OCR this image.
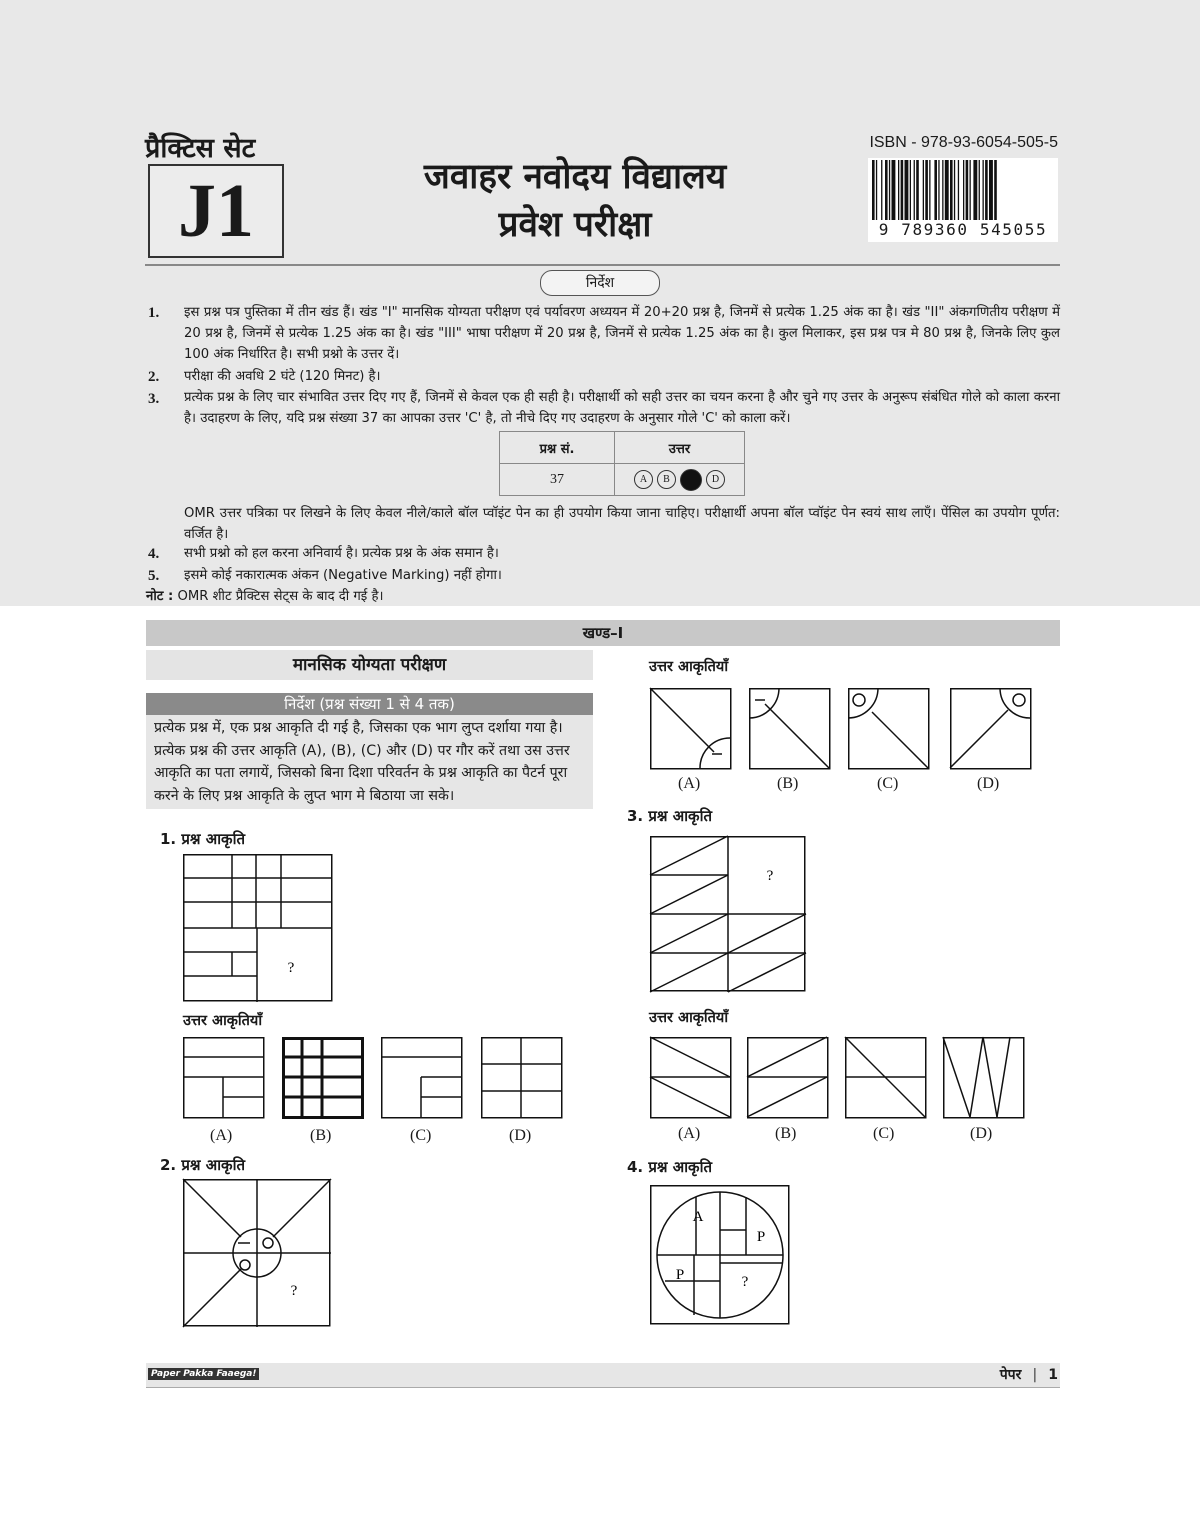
प्रैक्टिस सेट
J1	जवाहर नवोदय विद्यालय
प्रवेश परीक्षा
ISBN - 978-93-6054-505-5
9 789360 545055
निर्देश
1. इस प्रश्न पत्र पुस्तिका में तीन खंड हैं। खंड "I" मानसिक योग्यता परीक्षण एवं पर्यावरण अध्ययन में 20+20 प्रश्न है, जिनमें से प्रत्येक 1.25 अंक का है। खंड "II" अंकगणितीय परीक्षण में 20 प्रश्न है, जिनमें से प्रत्येक 1.25 अंक का है। खंड "III" भाषा परीक्षण में 20 प्रश्न है, जिनमें से प्रत्येक 1.25 अंक का है। कुल मिलाकर, इस प्रश्न पत्र मे 80 प्रश्न है, जिनके लिए कुल 100 अंक निर्धारित है। सभी प्रश्नो के उत्तर दें।
2. परीक्षा की अवधि 2 घंटे (120 मिनट) है।
3. प्रत्येक प्रश्न के लिए चार संभावित उत्तर दिए गए हैं, जिनमें से केवल एक ही सही है। परीक्षार्थी को सही उत्तर का चयन करना है और चुने गए उत्तर के अनुरूप संबंधित गोले को काला करना है। उदाहरण के लिए, यदि प्रश्न संख्या 37 का आपका उत्तर 'C' है, तो नीचे दिए गए उदाहरण के अनुसार गोले 'C' को काला करें।
प्रश्न सं.	उत्तर
37	A B D
OMR उत्तर पत्रिका पर लिखने के लिए केवल नीले/काले बॉल प्वॉइंट पेन का ही उपयोग किया जाना चाहिए। परीक्षार्थी अपना बॉल प्वॉइंट पेन स्वयं साथ लाएँ। पेंसिल का उपयोग पूर्णत: वर्जित है।
4. सभी प्रश्नो को हल करना अनिवार्य है। प्रत्येक प्रश्न के अंक समान है।
5. इसमे कोई नकारात्मक अंकन (Negative Marking) नहीं होगा।
नोट : OMR शीट प्रैक्टिस सेट्स के बाद दी गई है।
खण्ड–I
मानसिक योग्यता परीक्षण
निर्देश (प्रश्न संख्या 1 से 4 तक)
प्रत्येक प्रश्न में, एक प्रश्न आकृति दी गई है, जिसका एक भाग लुप्त दर्शाया गया है। प्रत्येक प्रश्न की उत्तर आकृति (A), (B), (C) और (D) पर गौर करें तथा उस उत्तर आकृति का पता लगायें, जिसको बिना दिशा परिवर्तन के प्रश्न आकृति का पैटर्न पूरा करने के लिए प्रश्न आकृति के लुप्त भाग मे बिठाया जा सके।
1. प्रश्न आकृति
?
उत्तर आकृतियाँ
(A)	(B)	(C)	(D)
2. प्रश्न आकृति
?
उत्तर आकृतियाँ
(A)	(B)	(C)	(D)
3. प्रश्न आकृति
?
उत्तर आकृतियाँ
(A)	(B)	(C)	(D)
4. प्रश्न आकृति
A
P
P	?
Paper Pakka Faaega!	पेपर | 1
